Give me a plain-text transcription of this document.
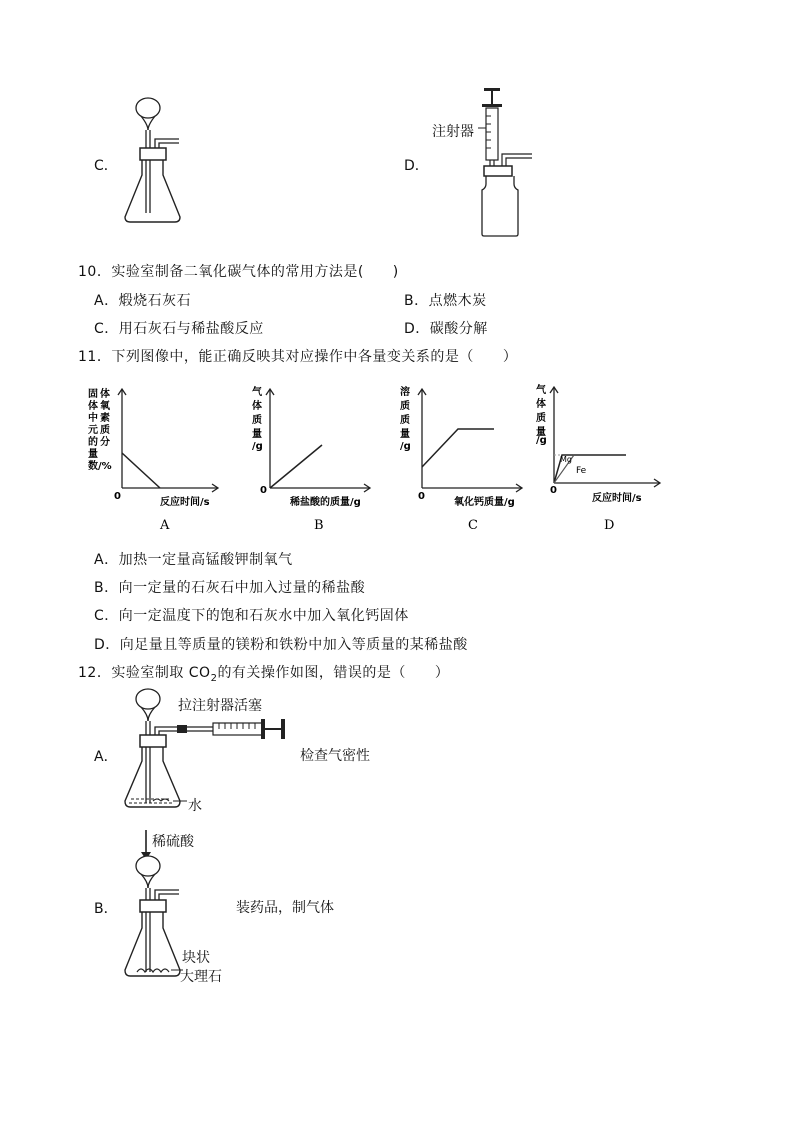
C．	D．
注射器
10．实验室制备二氧化碳气体的常用方法是(　　)
A．煅烧石灰石	B．点燃木炭
C．用石灰石与稀盐酸反应	D．碳酸分解
11．下列图像中，能正确反映其对应操作中各量变关系的是（　　）
固 体
体 氧
中 素
元 质
的 分
量
数 /%
0
反应时间/s
A
气
体
质
量
/g
0
稀盐酸的质量/g
B
溶
质
质
量
/g
0
氧化钙质量/g
C
气
体
质
量
/g
Mg
Fe
0
反应时间/s
D
A．加热一定量高锰酸钾制氧气
B．向一定量的石灰石中加入过量的稀盐酸
C．向一定温度下的饱和石灰水中加入氧化钙固体
D．向足量且等质量的镁粉和铁粉中加入等质量的某稀盐酸
12．实验室制取 $CO_2$的有关操作如图，错误的是（　　）
A．
拉注射器活塞
检查气密性
水
稀硫酸
B．	装药品，制气体
块状
大理石
